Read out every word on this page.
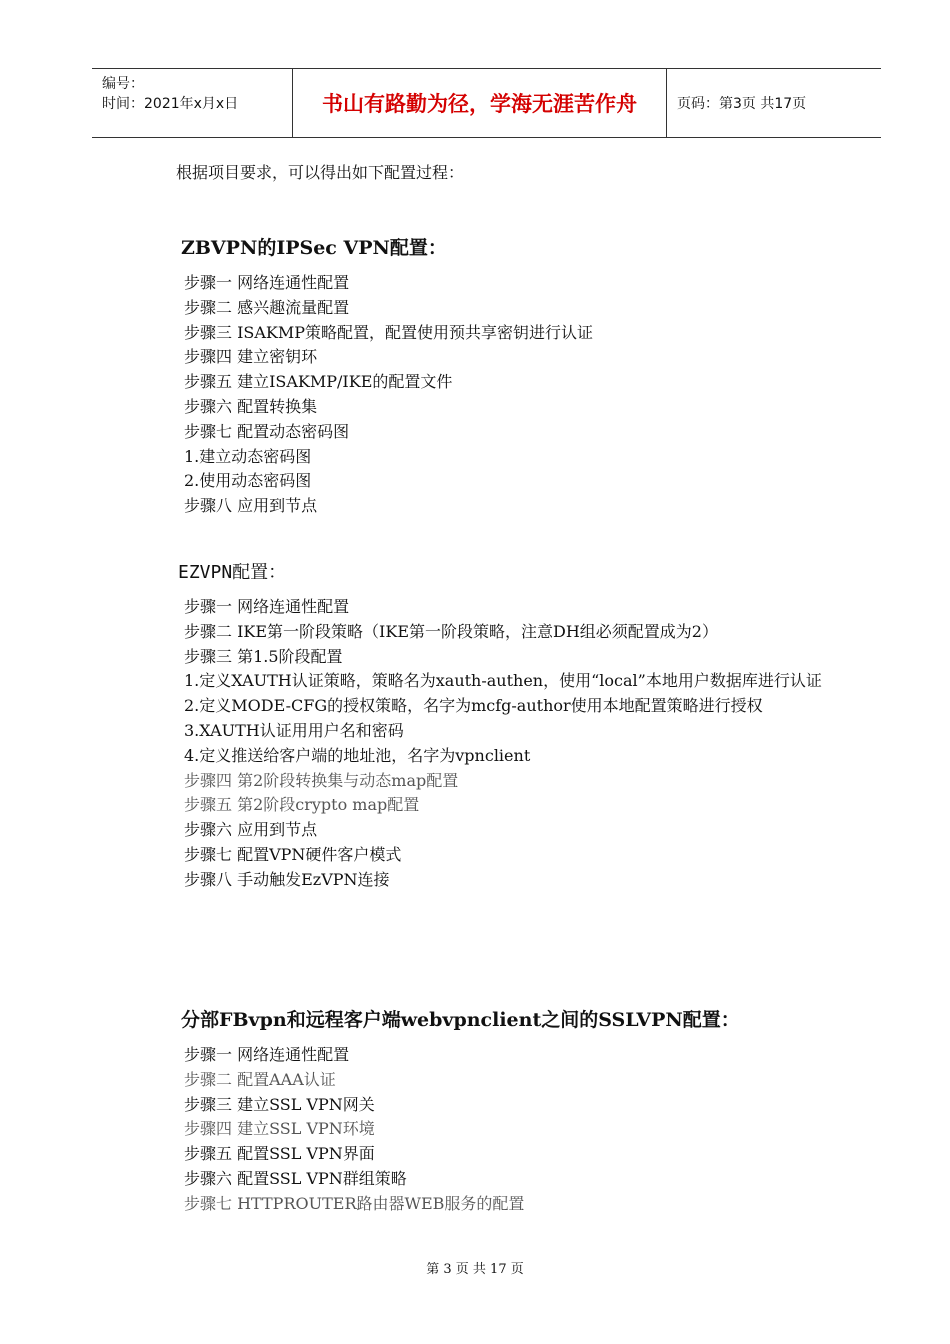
编号：
时间：2021年x月x日	书山有路勤为径，学海无涯苦作舟	页码：第3页 共17页
根据项目要求，可以得出如下配置过程：
ZBVPN的IPSec VPN配置：
步骤一 网络连通性配置
步骤二 感兴趣流量配置
步骤三 ISAKMP策略配置，配置使用预共享密钥进行认证
步骤四 建立密钥环
步骤五 建立ISAKMP/IKE的配置文件
步骤六 配置转换集
步骤七 配置动态密码图
1.建立动态密码图
2.使用动态密码图
步骤八 应用到节点
EZVPN配置：
步骤一 网络连通性配置
步骤二 IKE第一阶段策略（IKE第一阶段策略，注意DH组必须配置成为2）
步骤三 第1.5阶段配置
1.定义XAUTH认证策略，策略名为xauth-authen，使用“local”本地用户数据库进行认证
2.定义MODE-CFG的授权策略，名字为mcfg-author使用本地配置策略进行授权
3.XAUTH认证用用户名和密码
4.定义推送给客户端的地址池，名字为vpnclient
步骤四 第2阶段转换集与动态map配置
步骤五 第2阶段crypto map配置
步骤六 应用到节点
步骤七 配置VPN硬件客户模式
步骤八 手动触发EzVPN连接
分部FBvpn和远程客户端webvpnclient之间的SSLVPN配置：
步骤一 网络连通性配置
步骤二 配置AAA认证
步骤三 建立SSL VPN网关
步骤四 建立SSL VPN环境
步骤五 配置SSL VPN界面
步骤六 配置SSL VPN群组策略
步骤七 HTTPROUTER路由器WEB服务的配置
第 3 页 共 17 页
